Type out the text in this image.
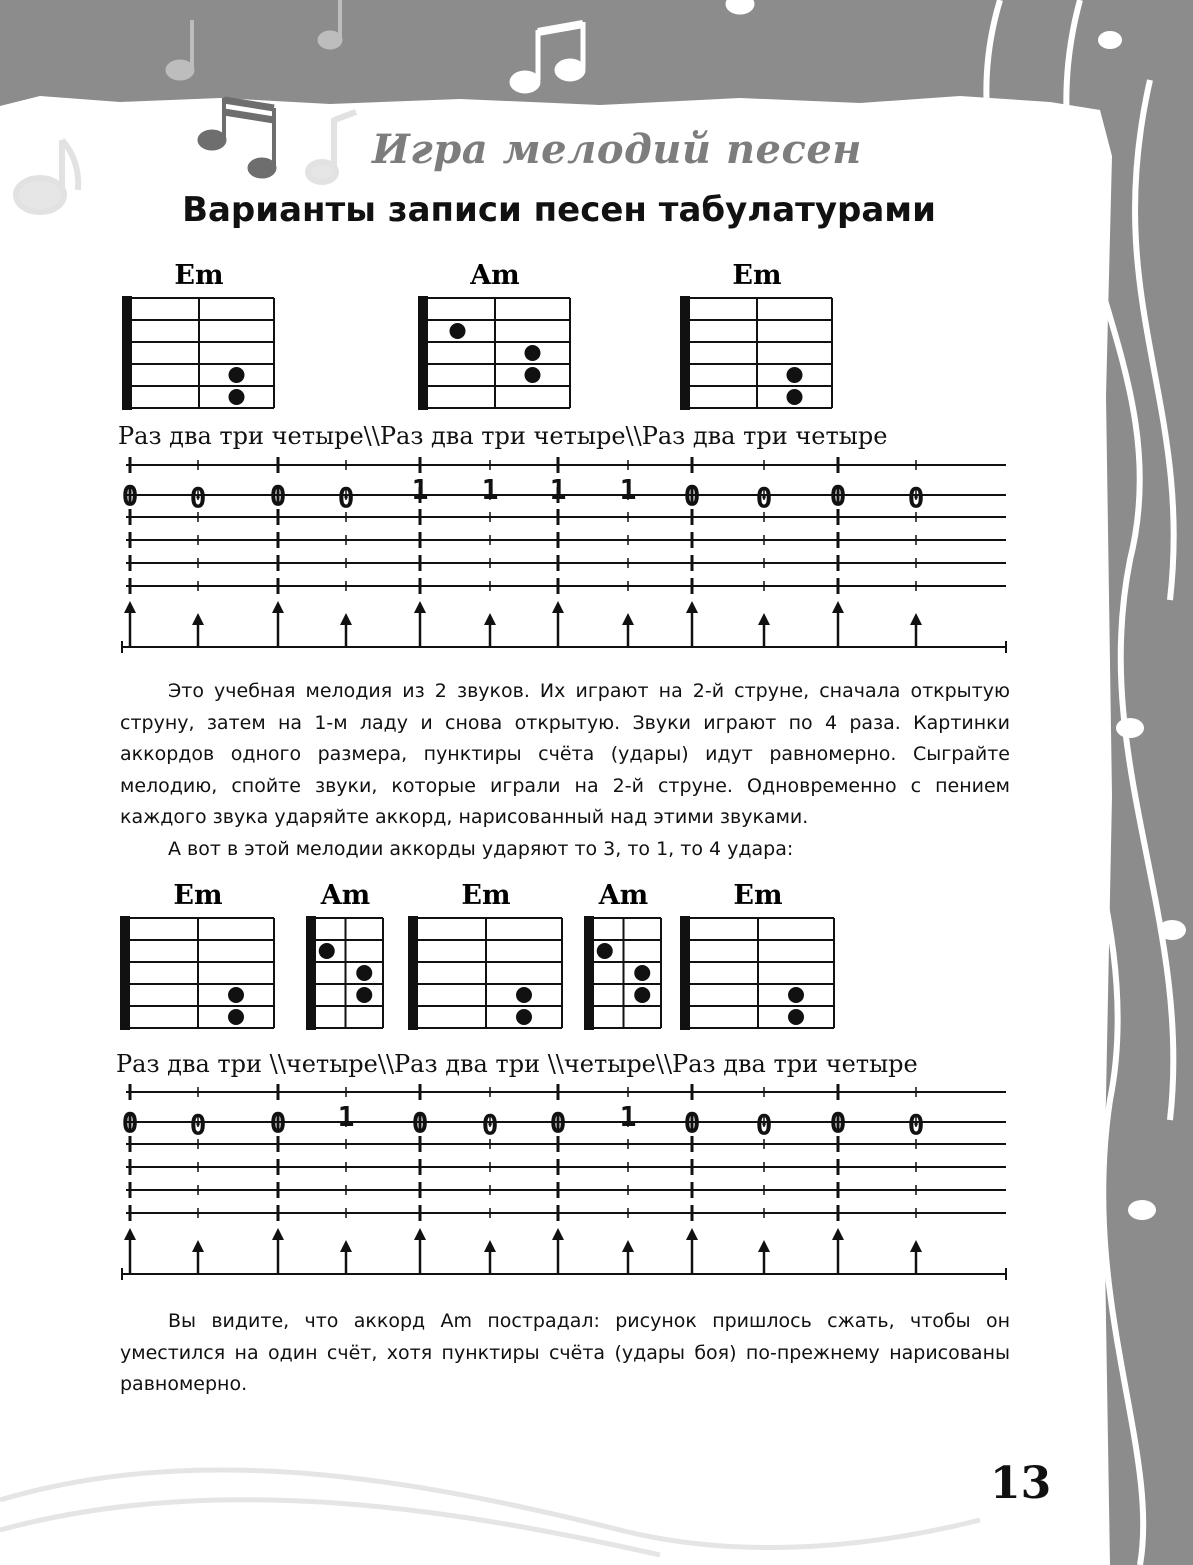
Игра мелодий песен
Варианты записи песен табулатурами
Em	Am	Em
Раз два три четыре\\Раз два три четыре\\Раз два три четыре
0 0 0 0 1 1 1 1 0 0 0 0

Это учебная мелодия из 2 звуков. Их играют на 2-й струне, сначала открытую струну, затем на 1-м ладу и снова открытую. Звуки играют по 4 раза. Картинки аккордов одного размера, пунктиры счёта (удары) идут равномерно. Сыграйте мелодию, спойте звуки, которые играли на 2-й струне. Одновременно с пением каждого звука ударяйте аккорд, нарисованный над этими звуками.

А вот в этой мелодии аккорды ударяют то 3, то 1, то 4 удара:

Em	Am	Em	Am	Em
Раз два три \\четыре\\Раз два три \\четыре\\Раз два три четыре
0 0 0 1 0 0 0 1 0 0 0 0

Вы видите, что аккорд Am пострадал: рисунок пришлось сжать, чтобы он уместился на один счёт, хотя пунктиры счёта (удары боя) по-прежнему нарисованы равномерно.

13
